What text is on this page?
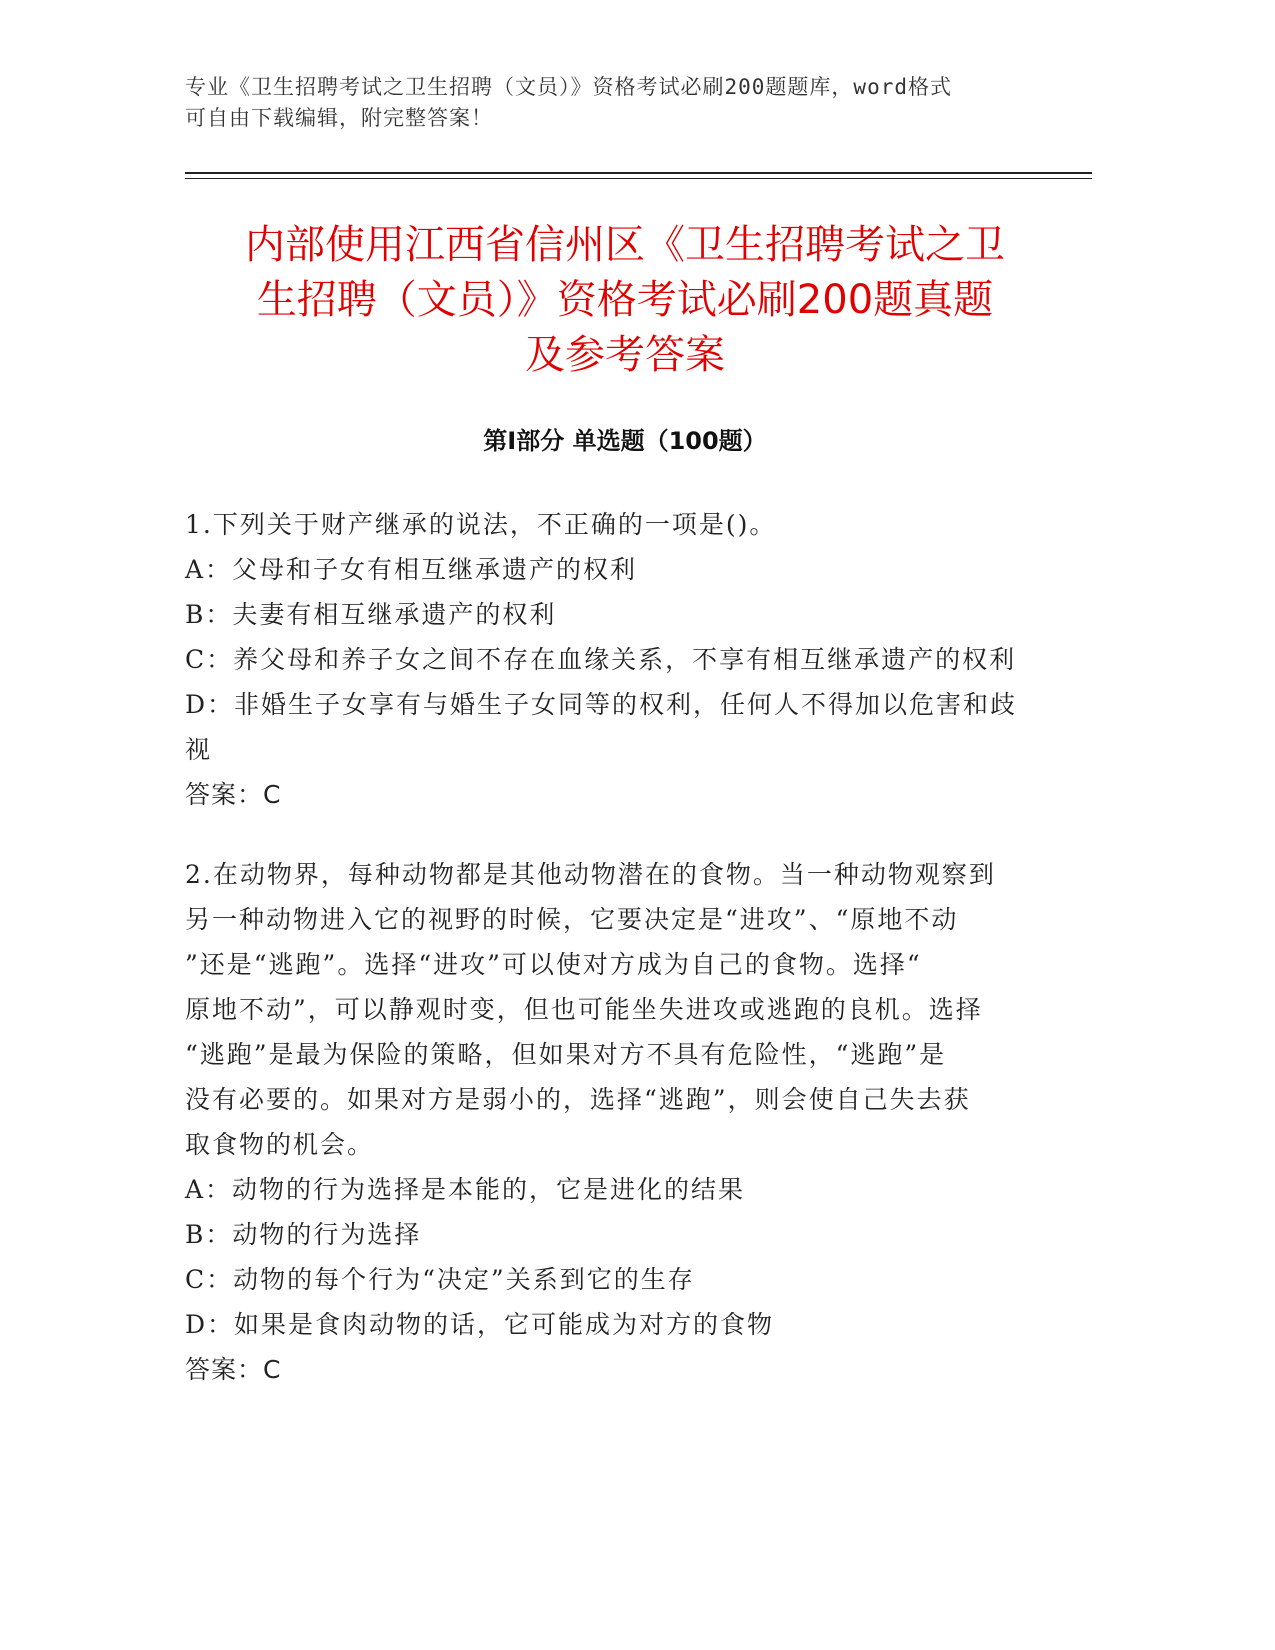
专业《卫生招聘考试之卫生招聘（文员）》资格考试必刷200题题库，word格式
可自由下载编辑，附完整答案！
内部使用江西省信州区《卫生招聘考试之卫
生招聘（文员）》资格考试必刷200题真题
及参考答案
第Ⅰ部分 单选题（100题）

1.下列关于财产继承的说法，不正确的一项是()。

A：父母和子女有相互继承遗产的权利

B：夫妻有相互继承遗产的权利

C：养父母和养子女之间不存在血缘关系，不享有相互继承遗产的权利

D：非婚生子女享有与婚生子女同等的权利，任何人不得加以危害和歧

视

答案：C

2.在动物界，每种动物都是其他动物潜在的食物。当一种动物观察到

另一种动物进入它的视野的时候，它要决定是“进攻”、“原地不动

”还是“逃跑”。选择“进攻”可以使对方成为自己的食物。选择“

原地不动”，可以静观时变，但也可能坐失进攻或逃跑的良机。选择

“逃跑”是最为保险的策略，但如果对方不具有危险性，“逃跑”是

没有必要的。如果对方是弱小的，选择“逃跑”，则会使自己失去获

取食物的机会。

A：动物的行为选择是本能的，它是进化的结果

B：动物的行为选择

C：动物的每个行为“决定”关系到它的生存

D：如果是食肉动物的话，它可能成为对方的食物

答案：C
